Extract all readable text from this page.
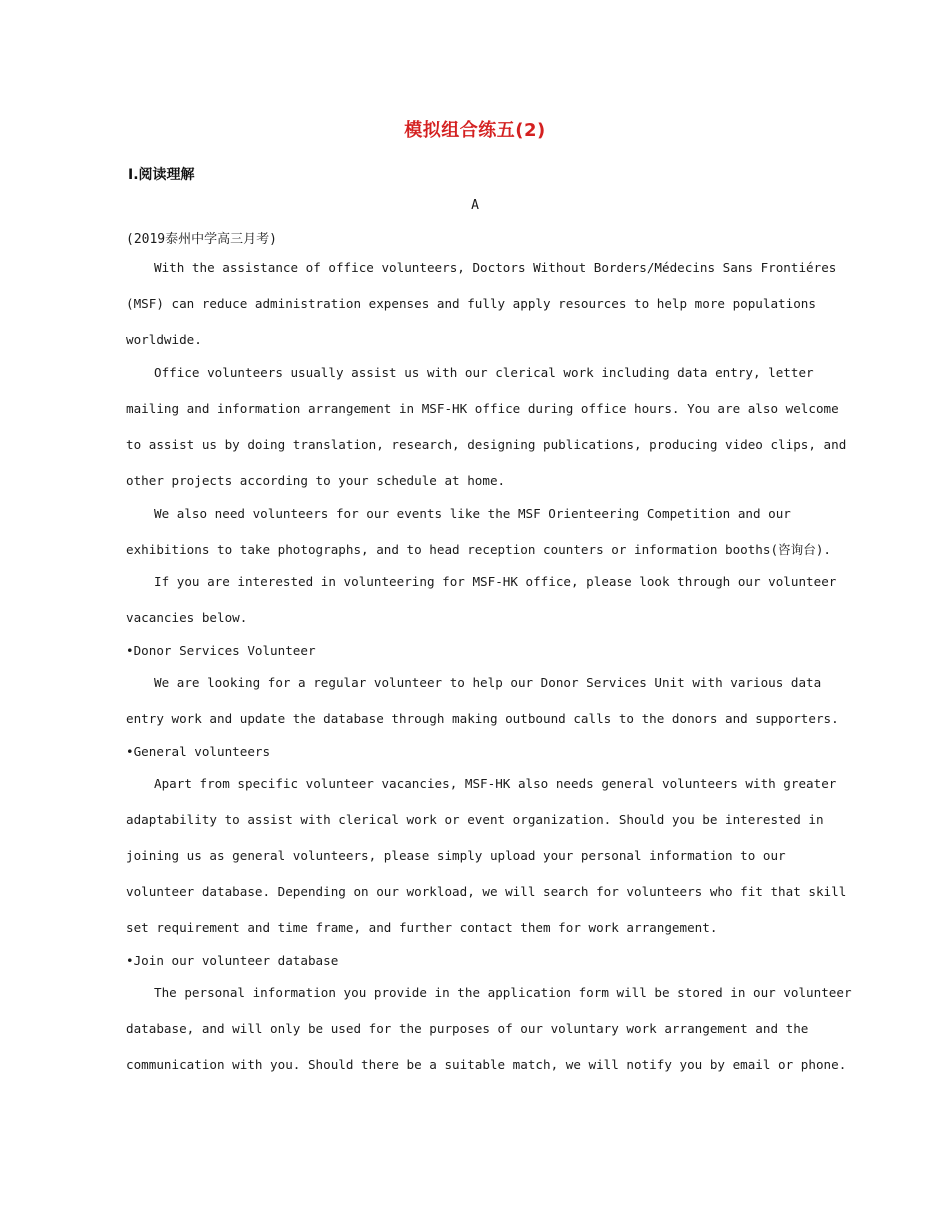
模拟组合练五(2)
Ⅰ.阅读理解
A
(2019泰州中学高三月考)
With the assistance of office volunteers, Doctors Without Borders/Médecins Sans Frontiéres
(MSF) can reduce administration expenses and fully apply resources to help more populations
worldwide.
Office volunteers usually assist us with our clerical work including data entry, letter
mailing and information arrangement in MSF-HK office during office hours. You are also welcome
to assist us by doing translation, research, designing publications, producing video clips, and
other projects according to your schedule at home.
We also need volunteers for our events like the MSF Orienteering Competition and our
exhibitions to take photographs, and to head reception counters or information booths(咨询台).
If you are interested in volunteering for MSF-HK office, please look through our volunteer
vacancies below.
•Donor Services Volunteer
We are looking for a regular volunteer to help our Donor Services Unit with various data
entry work and update the database through making outbound calls to the donors and supporters.
•General volunteers
Apart from specific volunteer vacancies, MSF-HK also needs general volunteers with greater
adaptability to assist with clerical work or event organization. Should you be interested in
joining us as general volunteers, please simply upload your personal information to our
volunteer database. Depending on our workload, we will search for volunteers who fit that skill
set requirement and time frame, and further contact them for work arrangement.
•Join our volunteer database
The personal information you provide in the application form will be stored in our volunteer
database, and will only be used for the purposes of our voluntary work arrangement and the
communication with you. Should there be a suitable match, we will notify you by email or phone.
